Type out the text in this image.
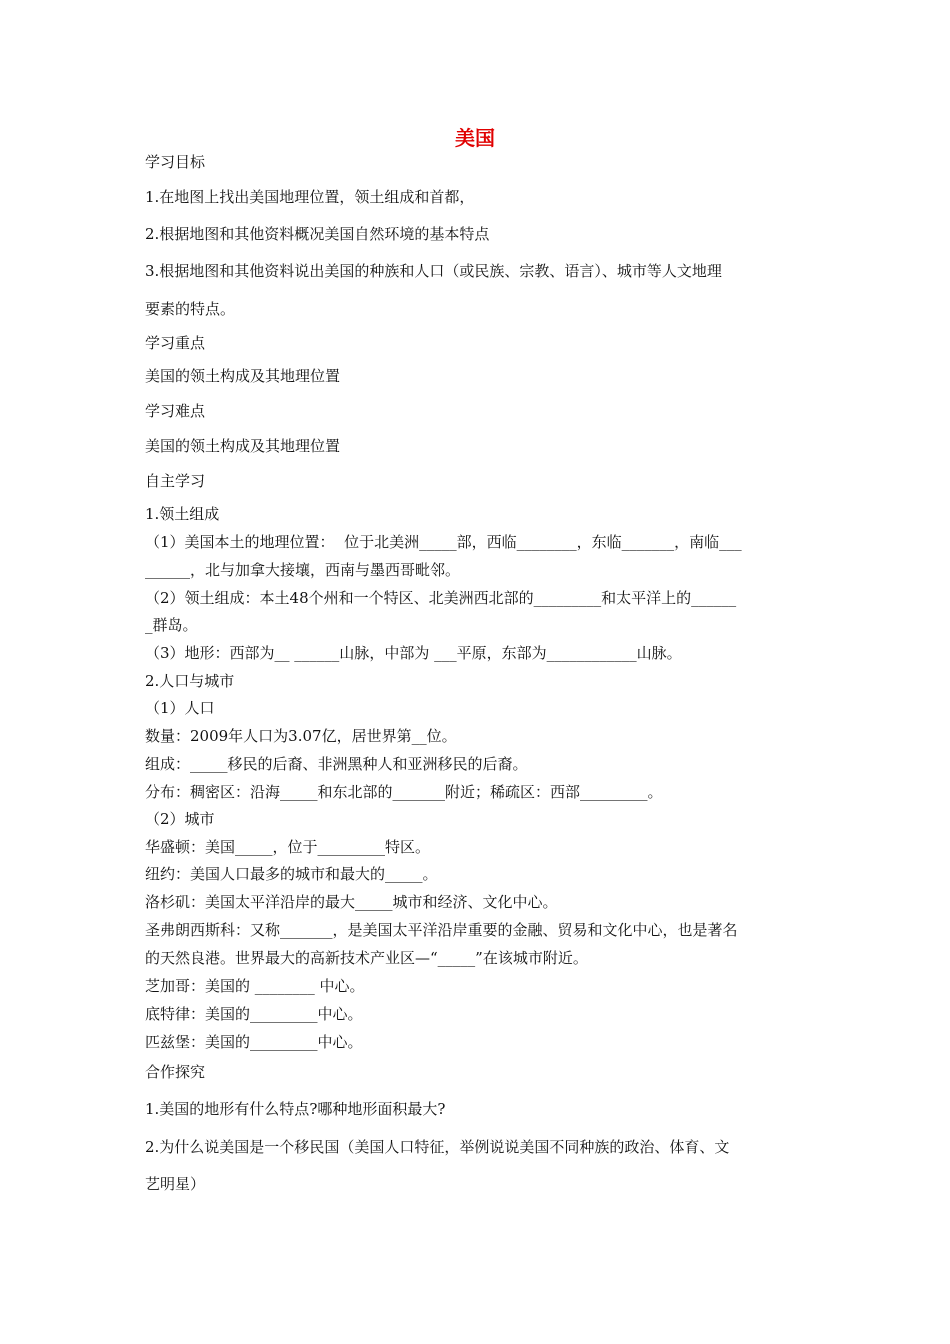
美国
学习目标
1.在地图上找出美国地理位置，领土组成和首都，
2.根据地图和其他资料概况美国自然环境的基本特点
3.根据地图和其他资料说出美国的种族和人口（或民族、宗教、语言）、城市等人文地理
要素的特点。
学习重点
美国的领土构成及其地理位置
学习难点
美国的领土构成及其地理位置
自主学习
1.领土组成
（1）美国本土的地理位置：  位于北美洲_____部，西临________，东临_______，南临___
______，北与加拿大接壤，西南与墨西哥毗邻。
（2）领土组成：本土48个州和一个特区、北美洲西北部的_________和太平洋上的______
_群岛。
（3）地形：西部为__ ______山脉，中部为 ___平原，东部为____________山脉。
2.人口与城市
（1）人口
数量：2009年人口为3.07亿，居世界第__位。
组成：_____移民的后裔、非洲黑种人和亚洲移民的后裔。
分布：稠密区：沿海_____和东北部的_______附近；稀疏区：西部_________。
（2）城市
华盛顿：美国_____，位于_________特区。
纽约：美国人口最多的城市和最大的_____。
洛杉矶：美国太平洋沿岸的最大_____城市和经济、文化中心。
圣弗朗西斯科：又称_______，是美国太平洋沿岸重要的金融、贸易和文化中心，也是著名
的天然良港。世界最大的高新技术产业区—“_____”在该城市附近。
芝加哥：美国的 ________ 中心。
底特律：美国的_________中心。
匹兹堡：美国的_________中心。
合作探究
1.美国的地形有什么特点?哪种地形面积最大?
2.为什么说美国是一个移民国（美国人口特征，举例说说美国不同种族的政治、体育、文
艺明星）
